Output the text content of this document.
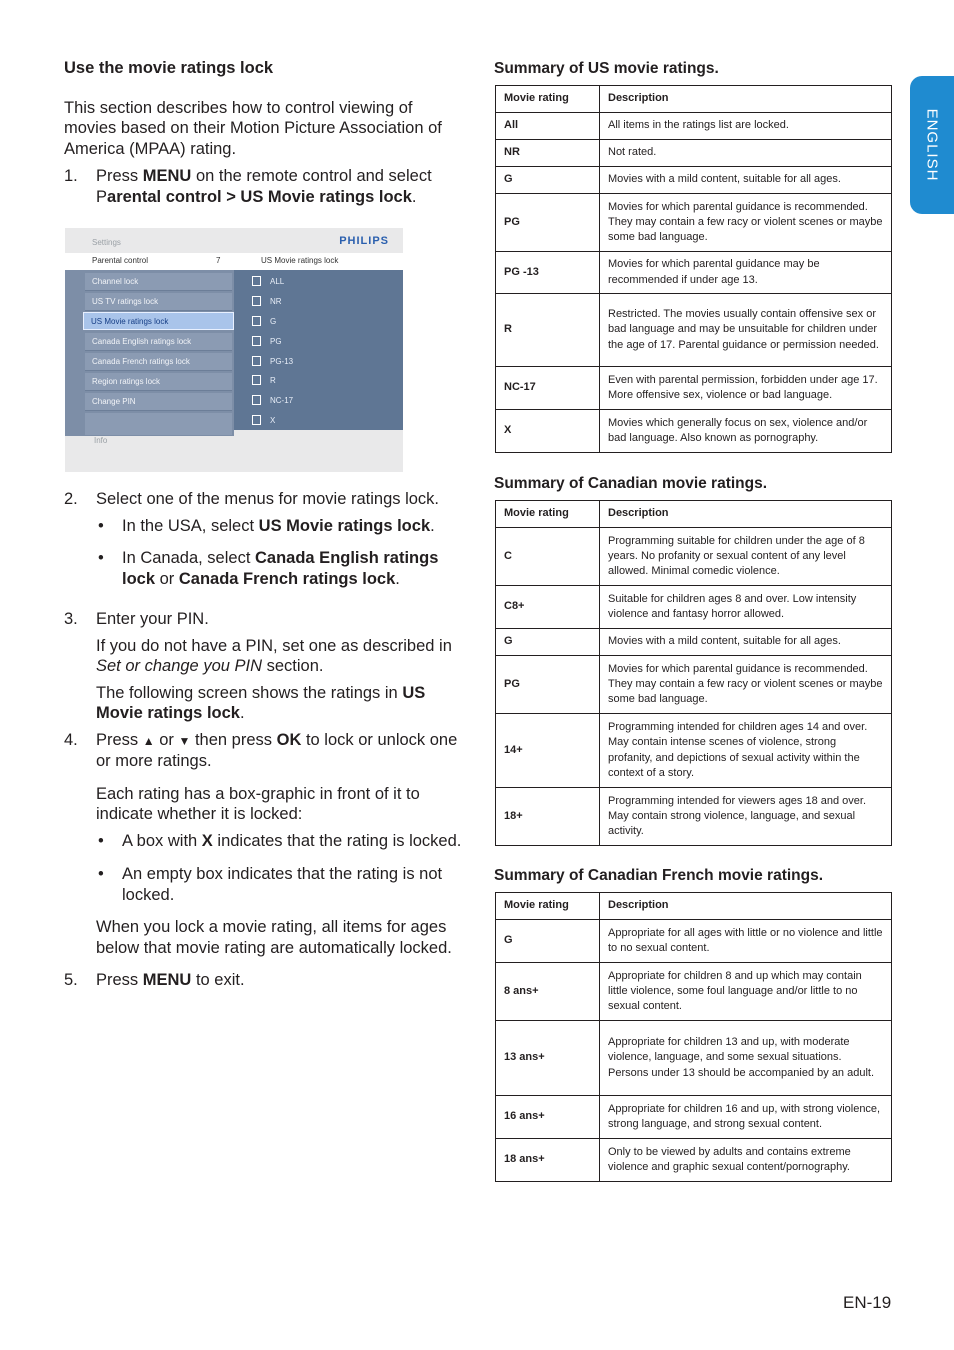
ENGLISH
Use the movie ratings lock

This section describes how to control viewing of movies based on their Motion Picture Association of America (MPAA) rating.

1. Press MENU on the remote control and select Parental control > US Movie ratings lock.
Settings	PHILIPS
Parental control	7	US Movie ratings lock
Channel lock
US TV ratings lock
US Movie ratings lock
Canada English ratings lock
Canada French ratings lock
Region ratings lock
Change PIN
ALL
NR
G
PG
PG-13
R
NC-17
X
Info
2. Select one of the menus for movie ratings lock.
• In the USA, select US Movie ratings lock.
• In Canada, select Canada English ratings lock or Canada French ratings lock.
3. Enter your PIN.

If you do not have a PIN, set one as described in Set or change you PIN section.

The following screen shows the ratings in US Movie ratings lock.

4. Press ▲ or ▼ then press OK to lock or unlock one or more ratings.

Each rating has a box-graphic in front of it to indicate whether it is locked:

• A box with X indicates that the rating is locked.
• An empty box indicates that the rating is not locked.

When you lock a movie rating, all items for ages below that movie rating are automatically locked.

5. Press MENU to exit.
Summary of US movie ratings.
Movie rating	Description
All	All items in the ratings list are locked.
NR	Not rated.
G	Movies with a mild content, suitable for all ages.
PG	Movies for which parental guidance is recommended. They may contain a few racy or violent scenes or maybe some bad language.
PG -13	Movies for which parental guidance may be recommended if under age 13.
R	Restricted. The movies usually contain offensive sex or bad language and may be unsuitable for children under the age of 17. Parental guidance or permission needed.
NC-17	Even with parental permission, forbidden under age 17. More offensive sex, violence or bad language.
X	Movies which generally focus on sex, violence and/or bad language. Also known as pornography.
Summary of Canadian movie ratings.
Movie rating	Description
C	Programming suitable for children under the age of 8 years. No profanity or sexual content of any level allowed. Minimal comedic violence.
C8+	Suitable for children ages 8 and over. Low intensity violence and fantasy horror allowed.
G	Movies with a mild content, suitable for all ages.
PG	Movies for which parental guidance is recommended. They may contain a few racy or violent scenes or maybe some bad language.
14+	Programming intended for children ages 14 and over. May contain intense scenes of violence, strong profanity, and depictions of sexual activity within the context of a story.
18+	Programming intended for viewers ages 18 and over. May contain strong violence, language, and sexual activity.
Summary of Canadian French movie ratings.
Movie rating	Description
G	Appropriate for all ages with little or no violence and little to no sexual content.
8 ans+	Appropriate for children 8 and up which may contain little violence, some foul language and/or little to no sexual content.
13 ans+	Appropriate for children 13 and up, with moderate violence, language, and some sexual situations. Persons under 13 should be accompanied by an adult.
16 ans+	Appropriate for children 16 and up, with strong violence, strong language, and strong sexual content.
18 ans+	Only to be viewed by adults and contains extreme violence and graphic sexual content/pornography.
EN-19
